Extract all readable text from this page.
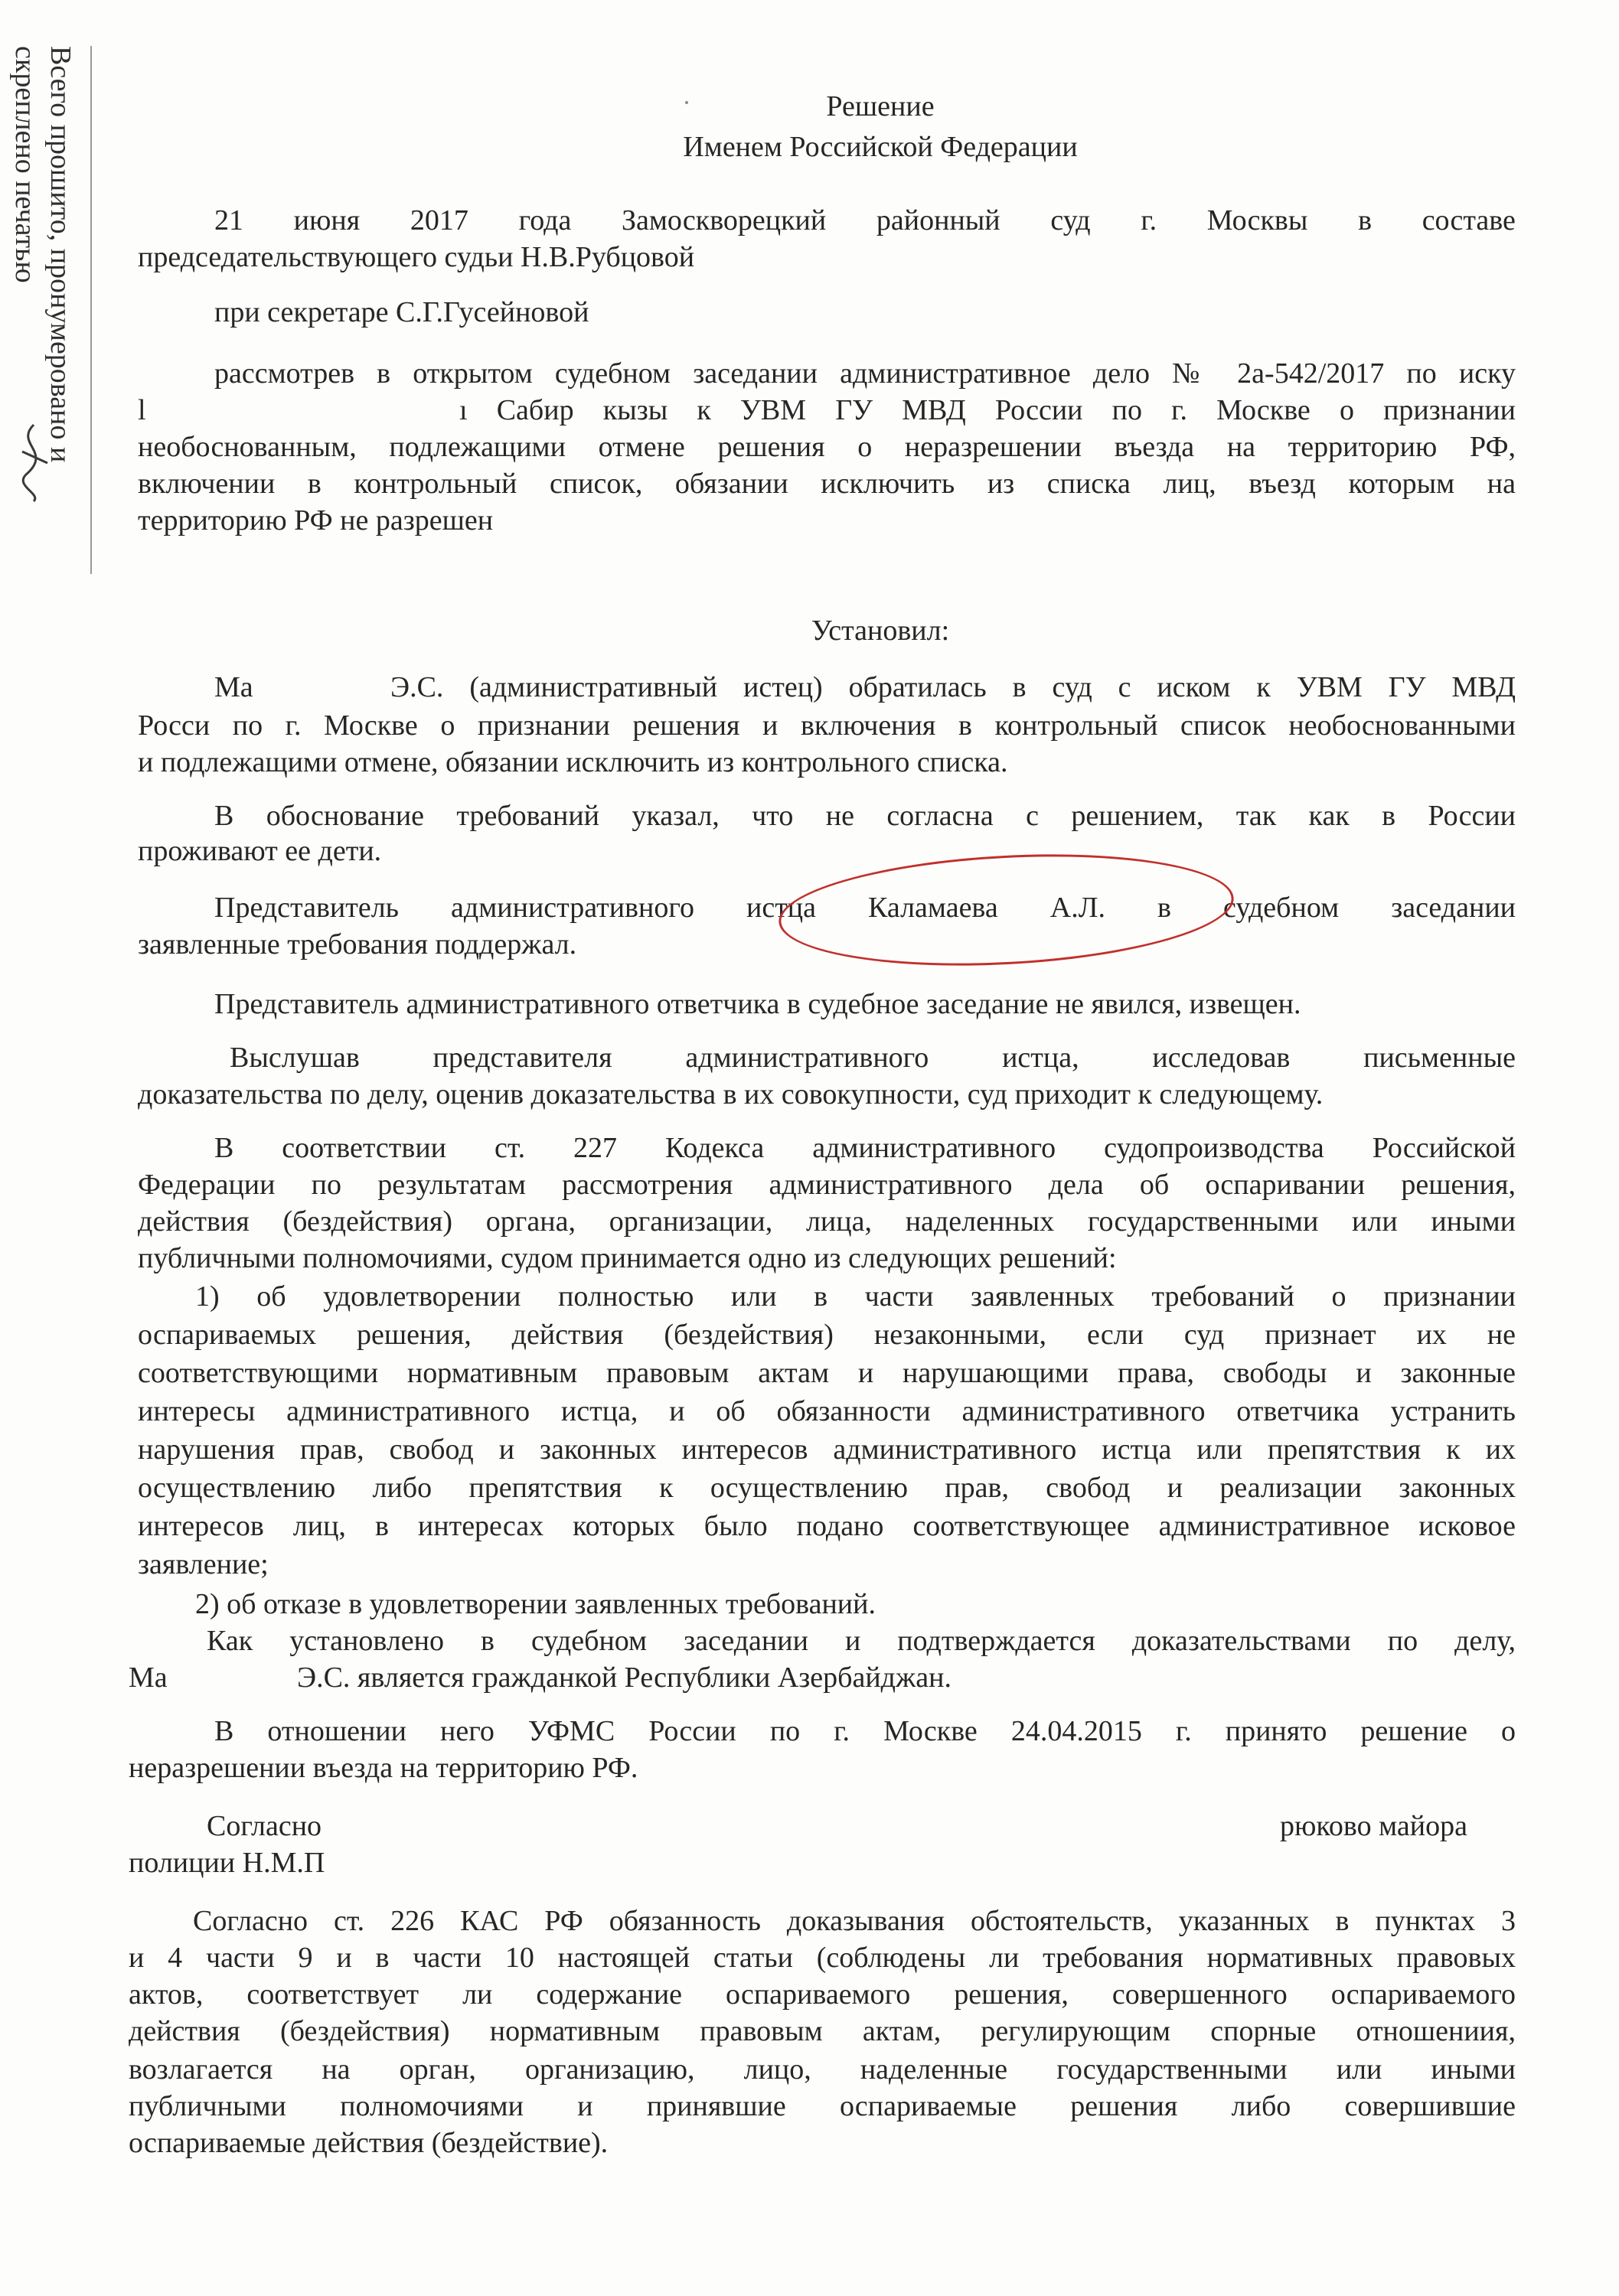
Всего прошито, пронумеровано и
скреплено печатью	Решение
Именем Российской Федерации
21 июня 2017 года Замоскворецкий районный суд г. Москвы в составе
председательствующего судьи Н.В.Рубцовой
при секретаре С.Г.Гусейновой
рассмотрев в открытом судебном заседании административное дело № 2а-542/2017 по иску
l	ı Сабир кызы к УВМ ГУ МВД России по г. Москве о признании
необоснованным, подлежащими отмене решения о неразрешении въезда на территорию РФ,
включении в контрольный список, обязании исключить из списка лиц, въезд которым на
территорию РФ не разрешен
Установил:
Ма	Э.С. (административный истец) обратилась в суд с иском к УВМ ГУ МВД
Росси по г. Москве о признании решения и включения в контрольный список необоснованными
и подлежащими отмене, обязании исключить из контрольного списка.
В обоснование требований указал, что не согласна с решением, так как в России
проживают ее дети.
Представитель административного истца Каламаева А.Л. в судебном заседании
заявленные требования поддержал.
Представитель административного ответчика в судебное заседание не явился, извещен.
Выслушав представителя административного истца, исследовав письменные
доказательства по делу, оценив доказательства в их совокупности, суд приходит к следующему.
В соответствии ст. 227 Кодекса административного судопроизводства Российской
Федерации по результатам рассмотрения административного дела об оспаривании решения,
действия (бездействия) органа, организации, лица, наделенных государственными или иными
публичными полномочиями, судом принимается одно из следующих решений:
1) об удовлетворении полностью или в части заявленных требований о признании
оспариваемых решения, действия (бездействия) незаконными, если суд признает их не
соответствующими нормативным правовым актам и нарушающими права, свободы и законные
интересы административного истца, и об обязанности административного ответчика устранить
нарушения прав, свобод и законных интересов административного истца или препятствия к их
осуществлению либо препятствия к осуществлению прав, свобод и реализации законных
интересов лиц, в интересах которых было подано соответствующее административное исковое
заявление;
2) об отказе в удовлетворении заявленных требований.
Как установлено в судебном заседании и подтверждается доказательствами по делу,
Ма	Э.С. является гражданкой Республики Азербайджан.
В отношении него УФМС России по г. Москве 24.04.2015 г. принято решение о
неразрешении въезда на территорию РФ.
Согласно	рюково майора
полиции Н.М.П
Согласно ст. 226 КАС РФ обязанность доказывания обстоятельств, указанных в пунктах 3
и 4 части 9 и в части 10 настоящей статьи (соблюдены ли требования нормативных правовых
актов, соответствует ли содержание оспариваемого решения, совершенного оспариваемого
действия (бездействия) нормативным правовым актам, регулирующим спорные отношениия,
возлагается на орган, организацию, лицо, наделенные государственными или иными
публичными полномочиями и принявшие оспариваемые решения либо совершившие
оспариваемые действия (бездействие).
